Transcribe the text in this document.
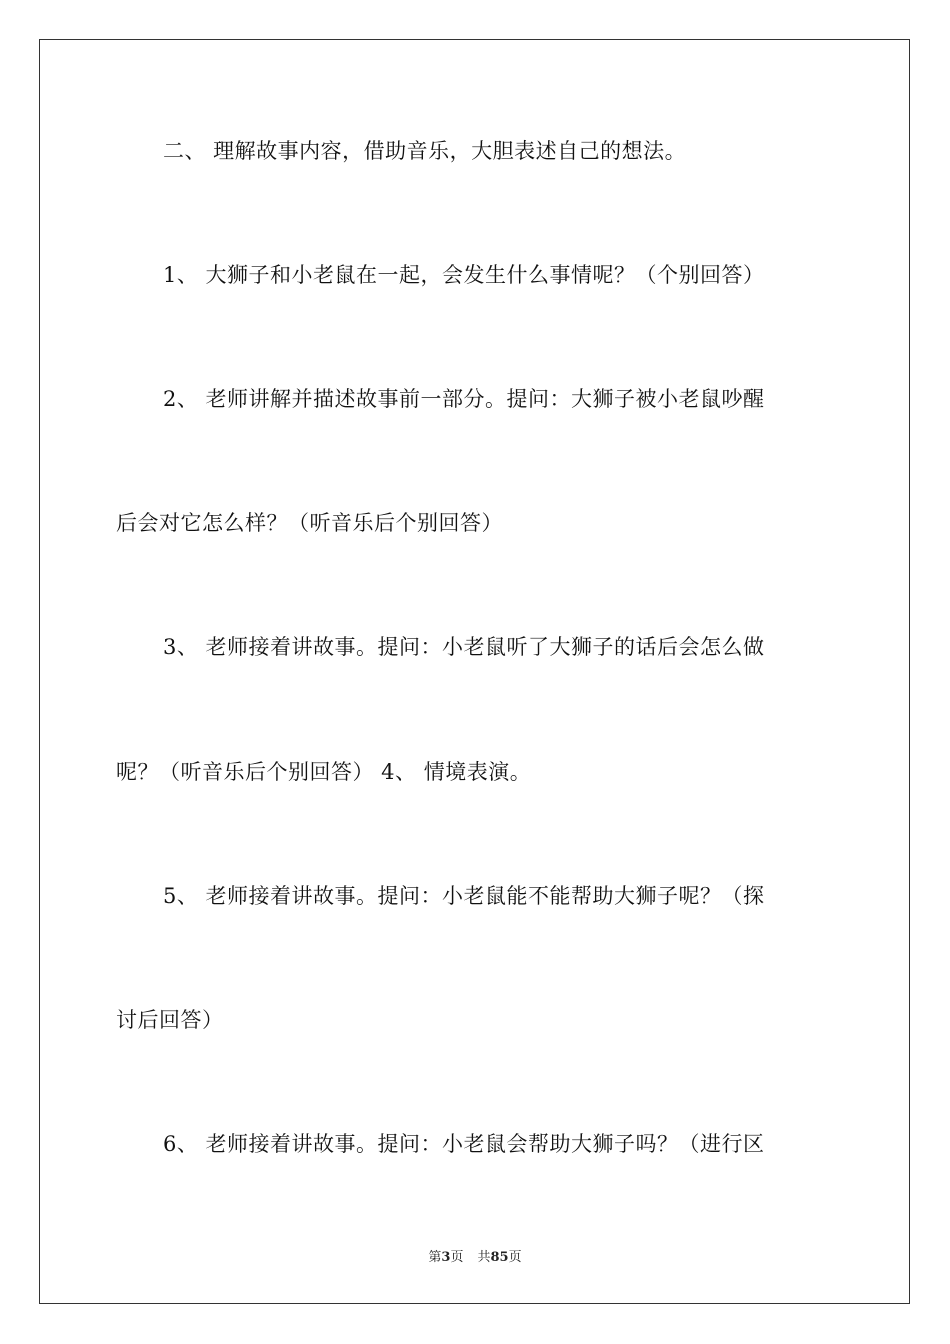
二、 理解故事内容，借助音乐，大胆表述自己的想法。
1、 大狮子和小老鼠在一起，会发生什么事情呢？（个别回答）
2、 老师讲解并描述故事前一部分。提问：大狮子被小老鼠吵醒
后会对它怎么样？（听音乐后个别回答）
3、 老师接着讲故事。提问：小老鼠听了大狮子的话后会怎么做
呢？（听音乐后个别回答） 4、 情境表演。
5、 老师接着讲故事。提问：小老鼠能不能帮助大狮子呢？（探
讨后回答）
6、 老师接着讲故事。提问：小老鼠会帮助大狮子吗？（进行区
第3页 共85页
